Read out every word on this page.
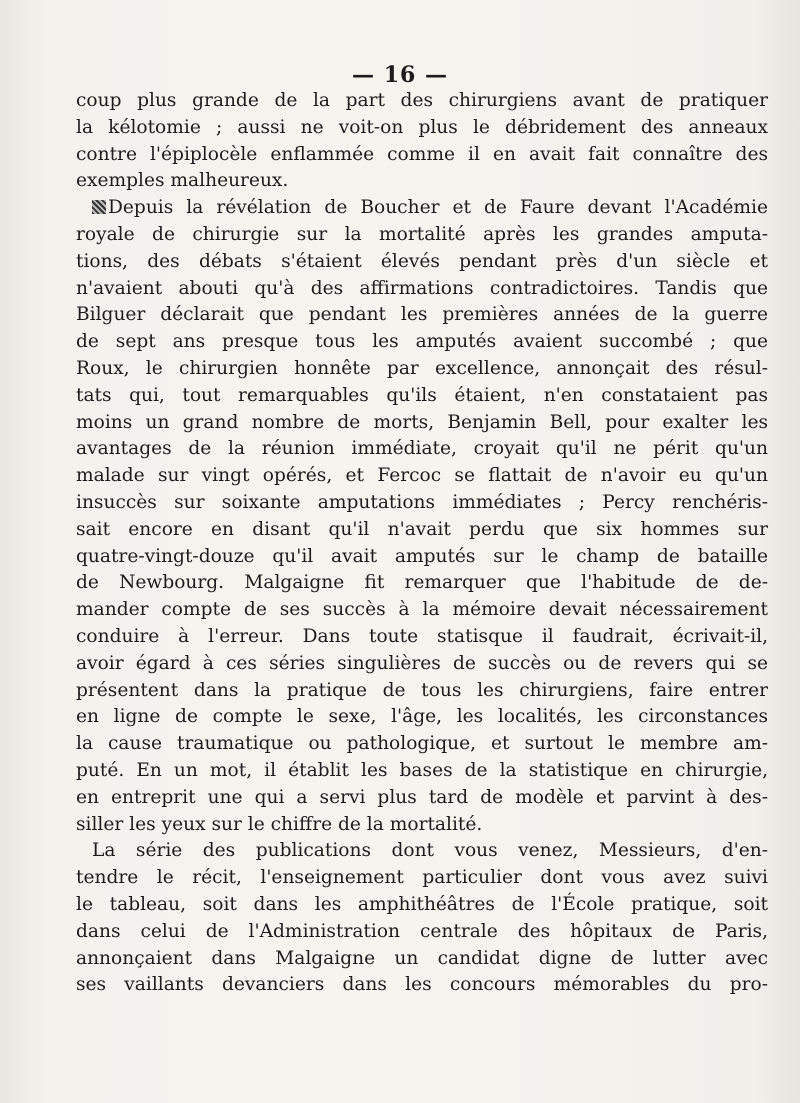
— 16 —
coup plus grande de la part des chirurgiens avant de pratiquer
la kélotomie ; aussi ne voit-on plus le débridement des anneaux
contre l'épiplocèle enflammée comme il en avait fait connaître des
exemples malheureux.
Depuis la révélation de Boucher et de Faure devant l'Académie
royale de chirurgie sur la mortalité après les grandes amputa-
tions, des débats s'étaient élevés pendant près d'un siècle et
n'avaient abouti qu'à des affirmations contradictoires. Tandis que
Bilguer déclarait que pendant les premières années de la guerre
de sept ans presque tous les amputés avaient succombé ; que
Roux, le chirurgien honnête par excellence, annonçait des résul-
tats qui, tout remarquables qu'ils étaient, n'en constataient pas
moins un grand nombre de morts, Benjamin Bell, pour exalter les
avantages de la réunion immédiate, croyait qu'il ne périt qu'un
malade sur vingt opérés, et Fercoc se flattait de n'avoir eu qu'un
insuccès sur soixante amputations immédiates ; Percy renchéris-
sait encore en disant qu'il n'avait perdu que six hommes sur
quatre-vingt-douze qu'il avait amputés sur le champ de bataille
de Newbourg. Malgaigne fit remarquer que l'habitude de de-
mander compte de ses succès à la mémoire devait nécessairement
conduire à l'erreur. Dans toute statisque il faudrait, écrivait-il,
avoir égard à ces séries singulières de succès ou de revers qui se
présentent dans la pratique de tous les chirurgiens, faire entrer
en ligne de compte le sexe, l'âge, les localités, les circonstances
la cause traumatique ou pathologique, et surtout le membre am-
puté. En un mot, il établit les bases de la statistique en chirurgie,
en entreprit une qui a servi plus tard de modèle et parvint à des-
siller les yeux sur le chiffre de la mortalité.
La série des publications dont vous venez, Messieurs, d'en-
tendre le récit, l'enseignement particulier dont vous avez suivi
le tableau, soit dans les amphithéâtres de l'École pratique, soit
dans celui de l'Administration centrale des hôpitaux de Paris,
annonçaient dans Malgaigne un candidat digne de lutter avec
ses vaillants devanciers dans les concours mémorables du pro-
